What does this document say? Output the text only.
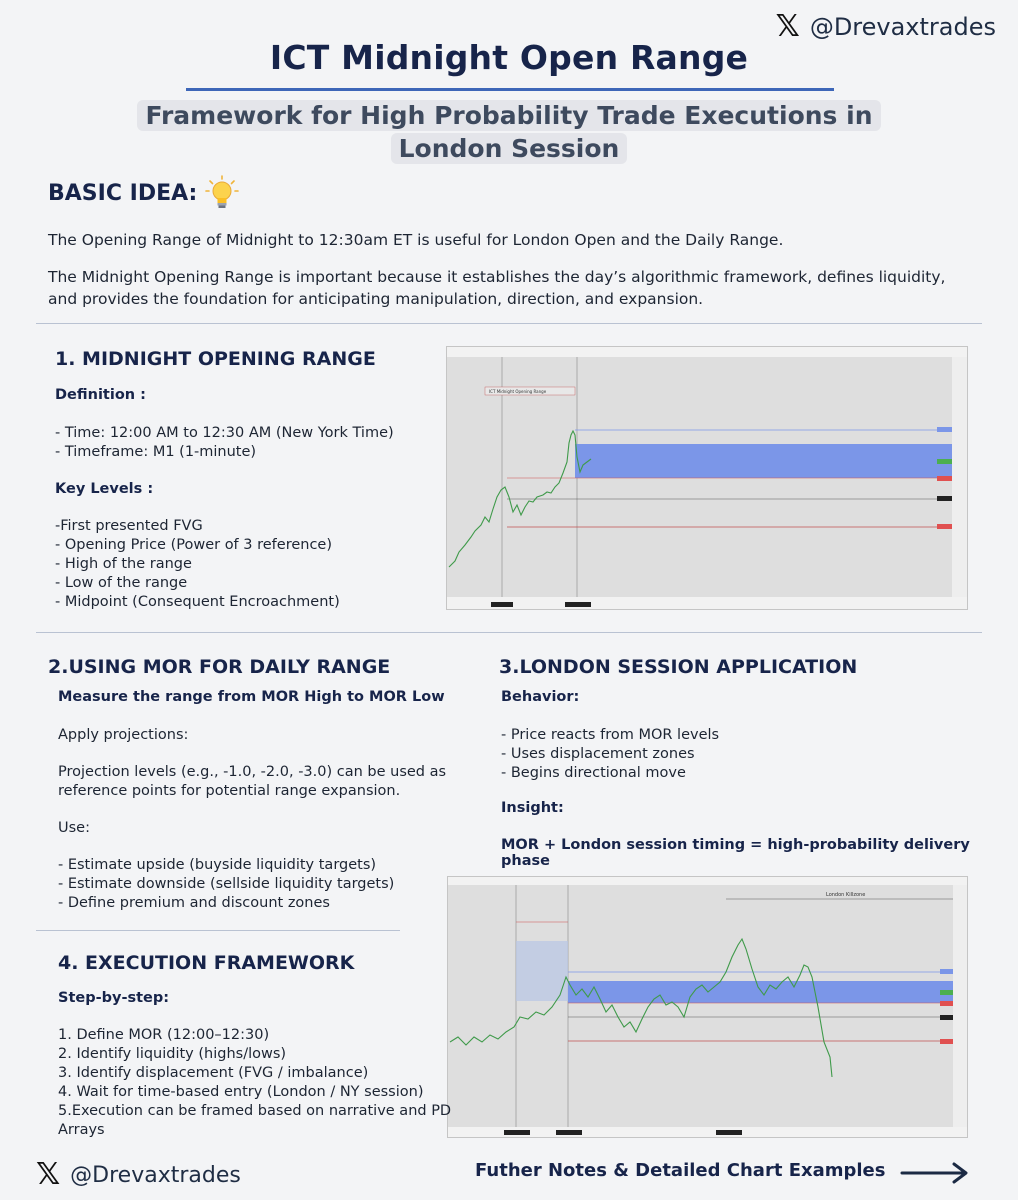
𝕏 @Drevaxtrades
ICT Midnight Open Range
Framework for High Probability Trade Executions in
London Session
BASIC IDEA:
The Opening Range of Midnight to 12:30am ET is useful for London Open and the Daily Range.
The Midnight Opening Range is important because it establishes the day’s algorithmic framework, defines liquidity, and provides the foundation for anticipating manipulation, direction, and expansion.
1. MIDNIGHT OPENING RANGE
Definition :
- Time: 12:00 AM to 12:30 AM (New York Time)
- Timeframe: M1 (1-minute)
Key Levels :
-First presented FVG
- Opening Price (Power of 3 reference)
- High of the range
- Low of the range
- Midpoint (Consequent Encroachment)
ICT Midnight Opening Range
2.USING MOR FOR DAILY RANGE
Measure the range from MOR High to MOR Low
Apply projections:
Projection levels (e.g., -1.0, -2.0, -3.0) can be used as
reference points for potential range expansion.
Use:
- Estimate upside (buyside liquidity targets)
- Estimate downside (sellside liquidity targets)
- Define premium and discount zones
3.LONDON SESSION APPLICATION
Behavior:
- Price reacts from MOR levels
- Uses displacement zones
- Begins directional move
Insight:
MOR + London session timing = high-probability delivery phase
London Killzone
4. EXECUTION FRAMEWORK
Step-by-step:
1. Define MOR (12:00–12:30)
2. Identify liquidity (highs/lows)
3. Identify displacement (FVG / imbalance)
4. Wait for time-based entry (London / NY session)
5.Execution can be framed based on narrative and PD
Arrays
𝕏 @Drevaxtrades	Futher Notes & Detailed Chart Examples
